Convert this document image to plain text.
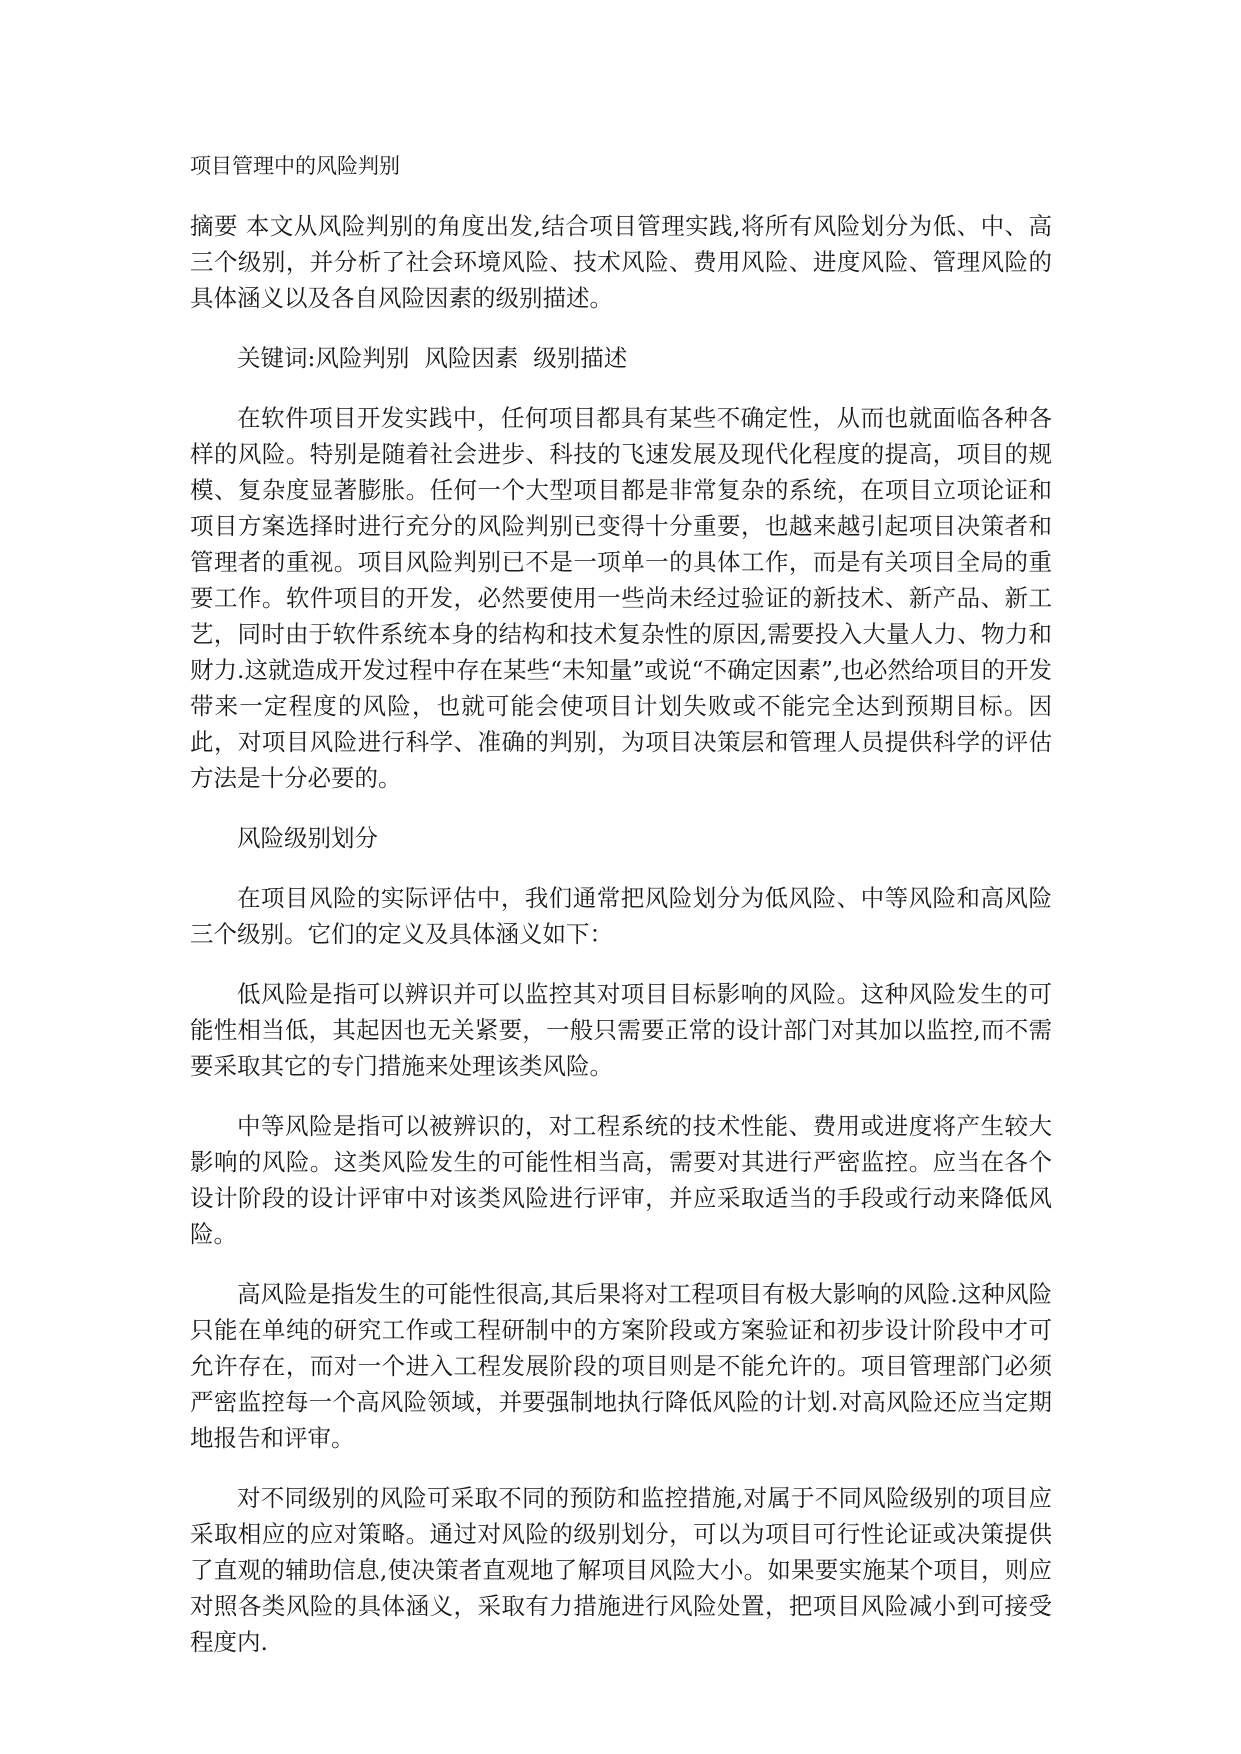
项目管理中的风险判别

摘要 本文从风险判别的角度出发,结合项目管理实践,将所有风险划分为低、中、高三个级别，并分析了社会环境风险、技术风险、费用风险、进度风险、管理风险的具体涵义以及各自风险因素的级别描述。

关键词:风险判别  风险因素  级别描述

在软件项目开发实践中，任何项目都具有某些不确定性，从而也就面临各种各样的风险。特别是随着社会进步、科技的飞速发展及现代化程度的提高，项目的规模、复杂度显著膨胀。任何一个大型项目都是非常复杂的系统，在项目立项论证和项目方案选择时进行充分的风险判别已变得十分重要，也越来越引起项目决策者和管理者的重视。项目风险判别已不是一项单一的具体工作，而是有关项目全局的重要工作。软件项目的开发，必然要使用一些尚未经过验证的新技术、新产品、新工艺，同时由于软件系统本身的结构和技术复杂性的原因,需要投入大量人力、物力和财力.这就造成开发过程中存在某些“未知量”或说“不确定因素”,也必然给项目的开发带来一定程度的风险，也就可能会使项目计划失败或不能完全达到预期目标。因此，对项目风险进行科学、准确的判别，为项目决策层和管理人员提供科学的评估方法是十分必要的。

风险级别划分

在项目风险的实际评估中，我们通常把风险划分为低风险、中等风险和高风险三个级别。它们的定义及具体涵义如下：

低风险是指可以辨识并可以监控其对项目目标影响的风险。这种风险发生的可能性相当低，其起因也无关紧要，一般只需要正常的设计部门对其加以监控,而不需要采取其它的专门措施来处理该类风险。

中等风险是指可以被辨识的，对工程系统的技术性能、费用或进度将产生较大影响的风险。这类风险发生的可能性相当高，需要对其进行严密监控。应当在各个设计阶段的设计评审中对该类风险进行评审，并应采取适当的手段或行动来降低风险。

高风险是指发生的可能性很高,其后果将对工程项目有极大影响的风险.这种风险只能在单纯的研究工作或工程研制中的方案阶段或方案验证和初步设计阶段中才可允许存在，而对一个进入工程发展阶段的项目则是不能允许的。项目管理部门必须严密监控每一个高风险领域，并要强制地执行降低风险的计划.对高风险还应当定期地报告和评审。

对不同级别的风险可采取不同的预防和监控措施,对属于不同风险级别的项目应采取相应的应对策略。通过对风险的级别划分，可以为项目可行性论证或决策提供了直观的辅助信息,使决策者直观地了解项目风险大小。如果要实施某个项目，则应对照各类风险的具体涵义，采取有力措施进行风险处置，把项目风险减小到可接受程度内.
